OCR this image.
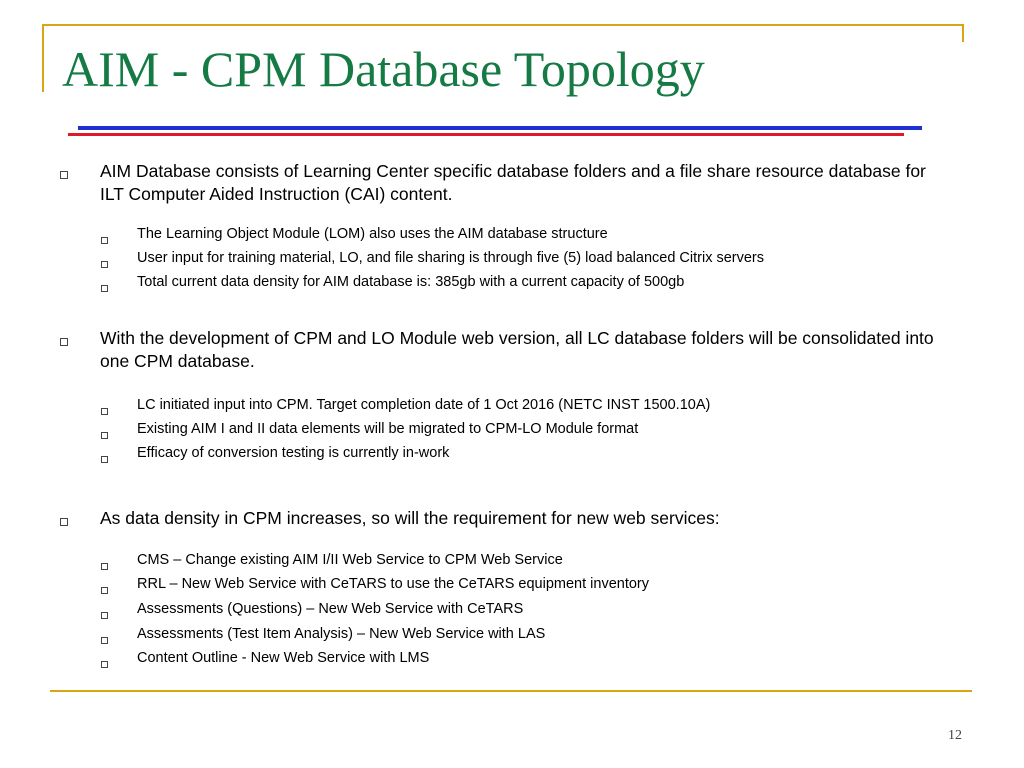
AIM - CPM Database Topology
AIM Database consists of Learning Center specific database folders and a file share resource database for ILT Computer Aided Instruction (CAI) content.
The Learning Object Module (LOM) also uses the AIM database structure
User input for training material, LO, and file sharing is through five (5) load balanced Citrix servers
Total current data density for AIM database is: 385gb with a current capacity of 500gb
With the development of CPM and LO Module web version, all LC database folders will be consolidated into one CPM database.
LC initiated input into CPM. Target completion date of 1 Oct 2016 (NETC INST 1500.10A)
Existing AIM I and II data elements will be migrated to CPM-LO Module format
Efficacy of conversion testing is currently in-work
As data density in CPM increases, so will the requirement for new web services:
CMS – Change existing AIM I/II Web Service to CPM Web Service
RRL – New Web Service with CeTARS to use the CeTARS equipment inventory
Assessments (Questions) – New Web Service with CeTARS
Assessments (Test Item Analysis) – New Web Service with LAS
Content Outline - New Web Service with LMS
12
